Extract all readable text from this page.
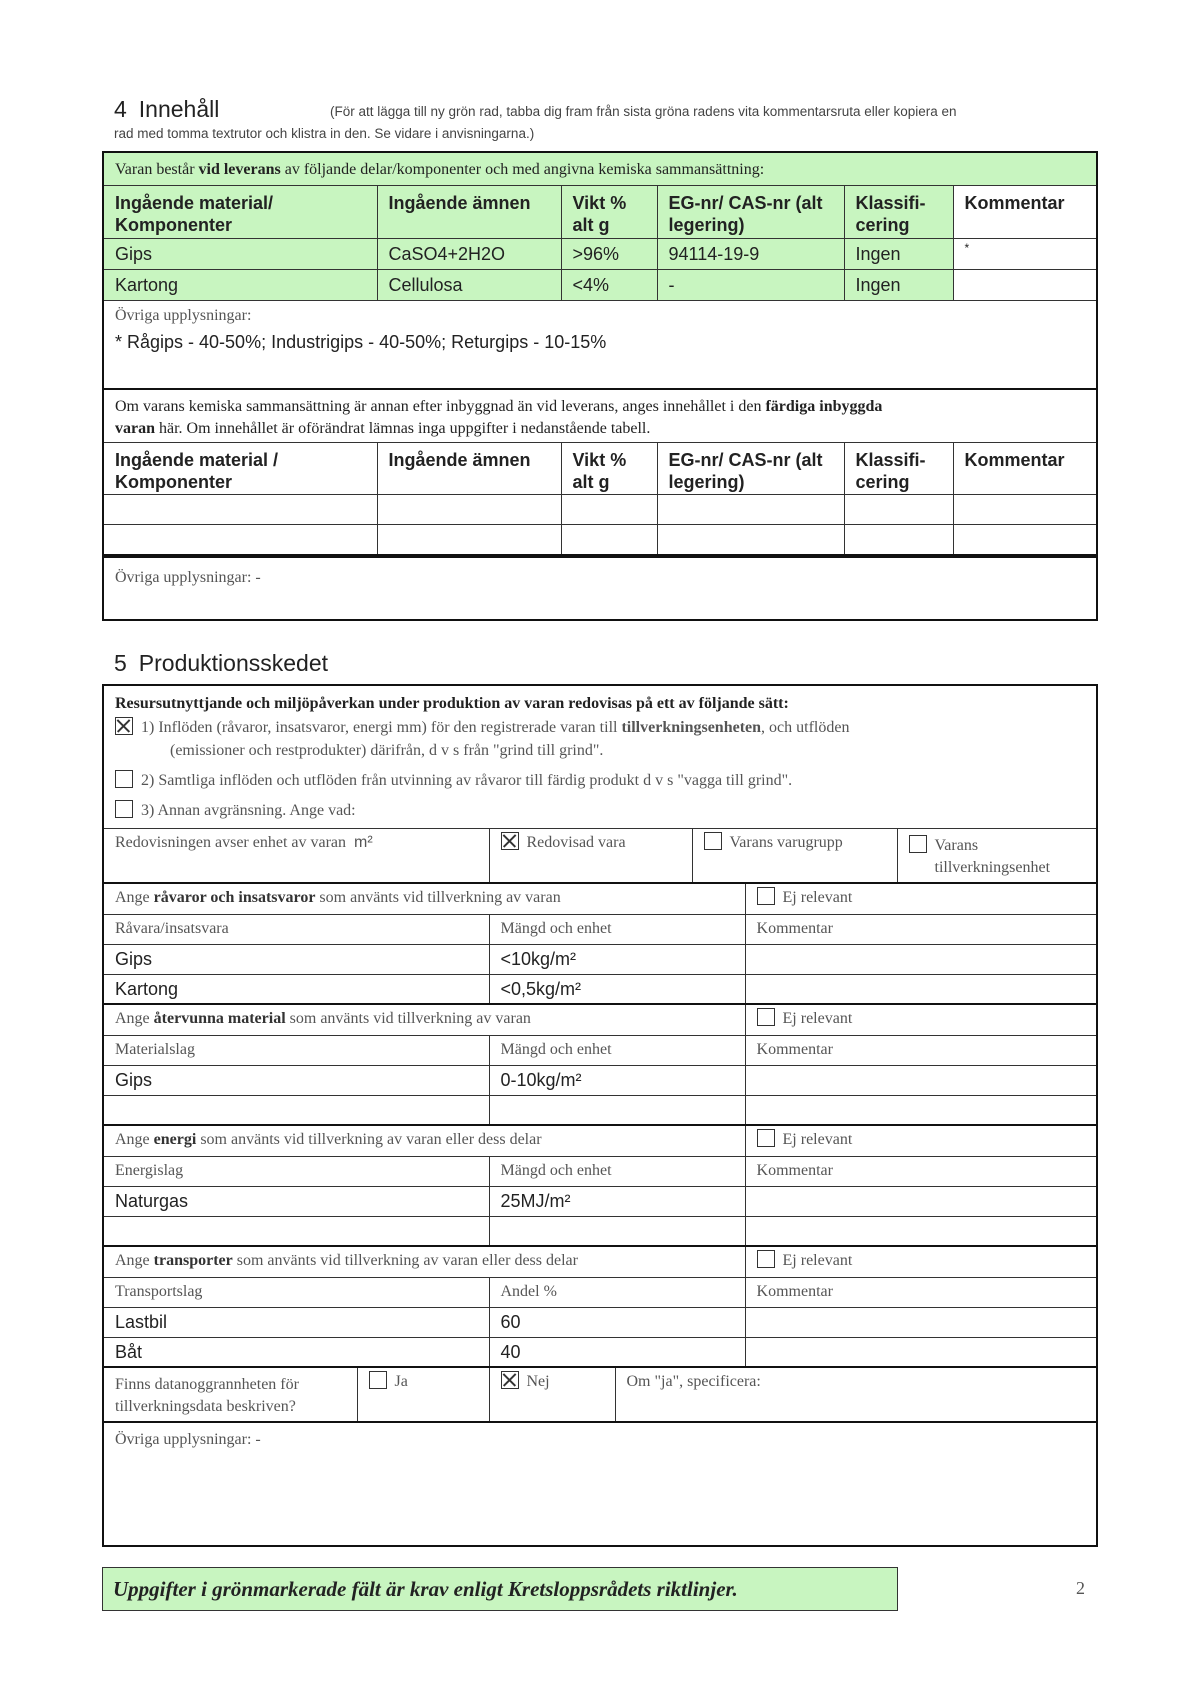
4 Innehåll	(För att lägga till ny grön rad, tabba dig fram från sista gröna radens vita kommentarsruta eller kopiera en
rad med tomma textrutor och klistra in den. Se vidare i anvisningarna.)
Varan består vid leverans av följande delar/komponenter och med angivna kemiska sammansättning:
Ingående material/ Komponenter	Ingående ämnen	Vikt % alt g	EG-nr/ CAS-nr (alt legering)	Klassifi- cering	Kommentar
Gips	CaSO4+2H2O	>96%	94114-19-9	Ingen	*
Kartong	Cellulosa	<4%	-	Ingen	
Övriga upplysningar:
* Rågips - 40-50%; Industrigips - 40-50%; Returgips - 10-15%
Om varans kemiska sammansättning är annan efter inbyggnad än vid leverans, anges innehållet i den färdiga inbyggda
varan här. Om innehållet är oförändrat lämnas inga uppgifter i nedanstående tabell.
Ingående material / Komponenter	Ingående ämnen	Vikt % alt g	EG-nr/ CAS-nr (alt legering)	Klassifi- cering	Kommentar

Övriga upplysningar: -
5 Produktionsskedet
Resursutnyttjande och miljöpåverkan under produktion av varan redovisas på ett av följande sätt:
1) Inflöden (råvaror, insatsvaror, energi mm) för den registrerade varan till tillverkningsenheten, och utflöden
(emissioner och restprodukter) därifrån, d v s från "grind till grind".
2) Samtliga inflöden och utflöden från utvinning av råvaror till färdig produkt d v s "vagga till grind".
3) Annan avgränsning. Ange vad:
Redovisningen avser enhet av varan m²	Redovisad vara	Varans varugrupp	Varans
tillverkningsenhet
Ange råvaror och insatsvaror som använts vid tillverkning av varan		Ej relevant
Råvara/insatsvara	Mängd och enhet	Kommentar
Gips	<10kg/m²	
Kartong	<0,5kg/m²	
Ange återvunna material som använts vid tillverkning av varan		Ej relevant
Materialslag	Mängd och enhet	Kommentar
Gips	0-10kg/m²	

Ange energi som använts vid tillverkning av varan eller dess delar		Ej relevant
Energislag	Mängd och enhet	Kommentar
Naturgas	25MJ/m²	

Ange transporter som använts vid tillverkning av varan eller dess delar		Ej relevant
Transportslag	Andel %	Kommentar
Lastbil	60	
Båt	40	
Finns datanoggrannheten för
tillverkningsdata beskriven?	Ja	Nej	Om "ja", specificera:
Övriga upplysningar: -
Uppgifter i grönmarkerade fält är krav enligt Kretsloppsrådets riktlinjer.	2
